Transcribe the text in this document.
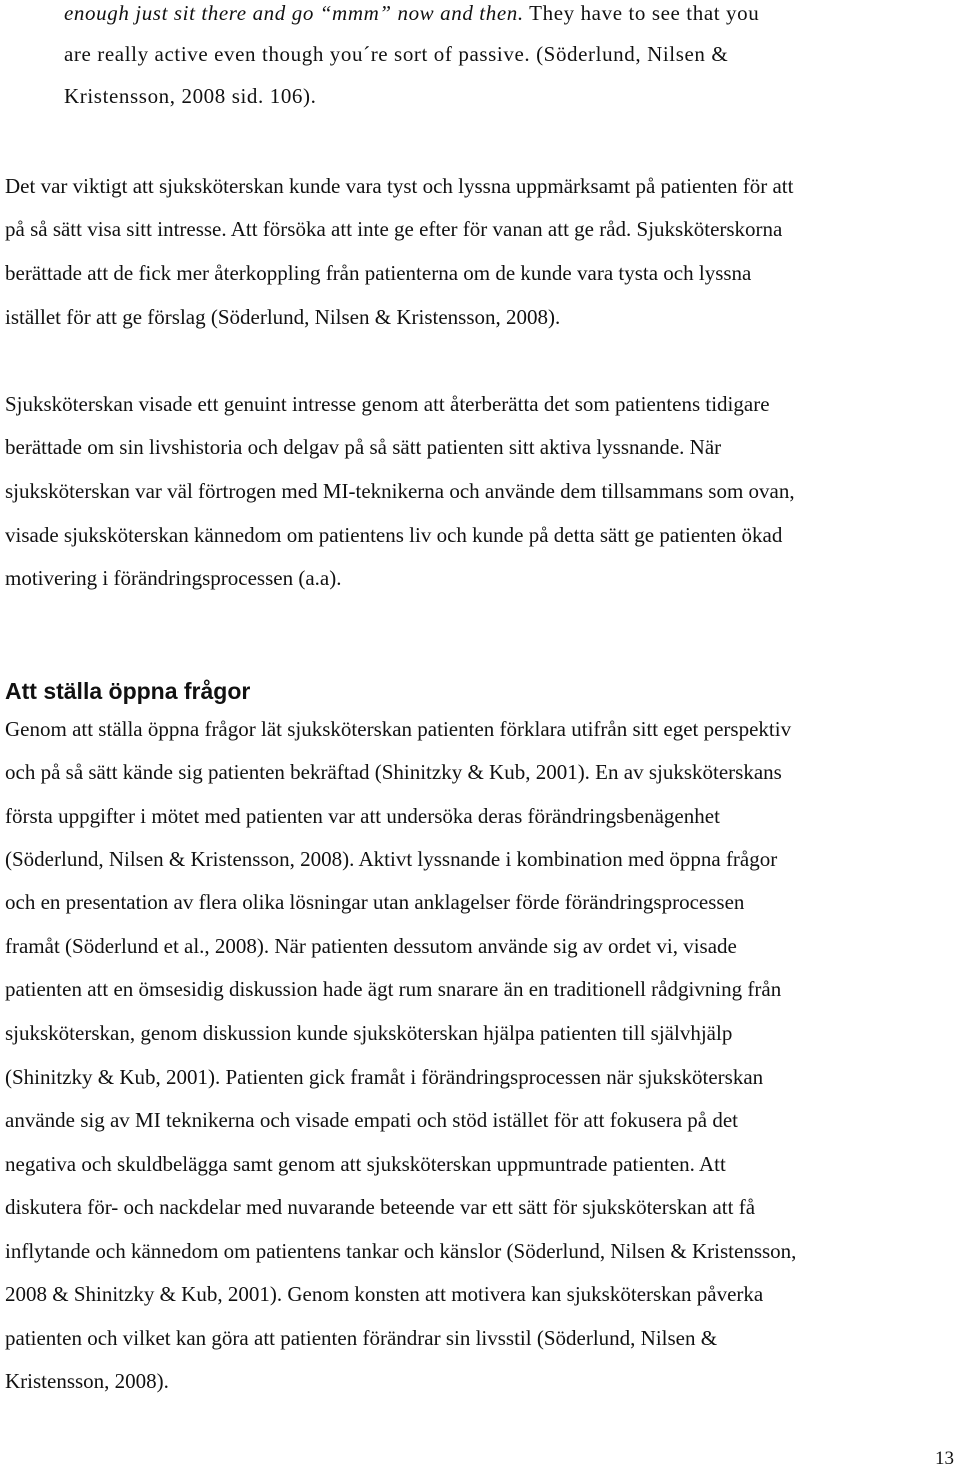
enough just sit there and go “mmm” now and then. They have to see that you
are really active even though you´re sort of passive. (Söderlund, Nilsen &
Kristensson, 2008 sid. 106).
Det var viktigt att sjuksköterskan kunde vara tyst och lyssna uppmärksamt på patienten för att
på så sätt visa sitt intresse. Att försöka att inte ge efter för vanan att ge råd. Sjuksköterskorna
berättade att de fick mer återkoppling från patienterna om de kunde vara tysta och lyssna
istället för att ge förslag (Söderlund, Nilsen & Kristensson, 2008).
Sjuksköterskan visade ett genuint intresse genom att återberätta det som patientens tidigare
berättade om sin livshistoria och delgav på så sätt patienten sitt aktiva lyssnande. När
sjuksköterskan var väl förtrogen med MI-teknikerna och använde dem tillsammans som ovan,
visade sjuksköterskan kännedom om patientens liv och kunde på detta sätt ge patienten ökad
motivering i förändringsprocessen (a.a).
Att ställa öppna frågor
Genom att ställa öppna frågor lät sjuksköterskan patienten förklara utifrån sitt eget perspektiv
och på så sätt kände sig patienten bekräftad (Shinitzky & Kub, 2001). En av sjuksköterskans
första uppgifter i mötet med patienten var att undersöka deras förändringsbenägenhet
(Söderlund, Nilsen & Kristensson, 2008). Aktivt lyssnande i kombination med öppna frågor
och en presentation av flera olika lösningar utan anklagelser förde förändringsprocessen
framåt (Söderlund et al., 2008). När patienten dessutom använde sig av ordet vi, visade
patienten att en ömsesidig diskussion hade ägt rum snarare än en traditionell rådgivning från
sjuksköterskan, genom diskussion kunde sjuksköterskan hjälpa patienten till självhjälp
(Shinitzky & Kub, 2001). Patienten gick framåt i förändringsprocessen när sjuksköterskan
använde sig av MI teknikerna och visade empati och stöd istället för att fokusera på det
negativa och skuldbelägga samt genom att sjuksköterskan uppmuntrade patienten. Att
diskutera för- och nackdelar med nuvarande beteende var ett sätt för sjuksköterskan att få
inflytande och kännedom om patientens tankar och känslor (Söderlund, Nilsen & Kristensson,
2008 & Shinitzky & Kub, 2001). Genom konsten att motivera kan sjuksköterskan påverka
patienten och vilket kan göra att patienten förändrar sin livsstil (Söderlund, Nilsen &
Kristensson, 2008).
13
